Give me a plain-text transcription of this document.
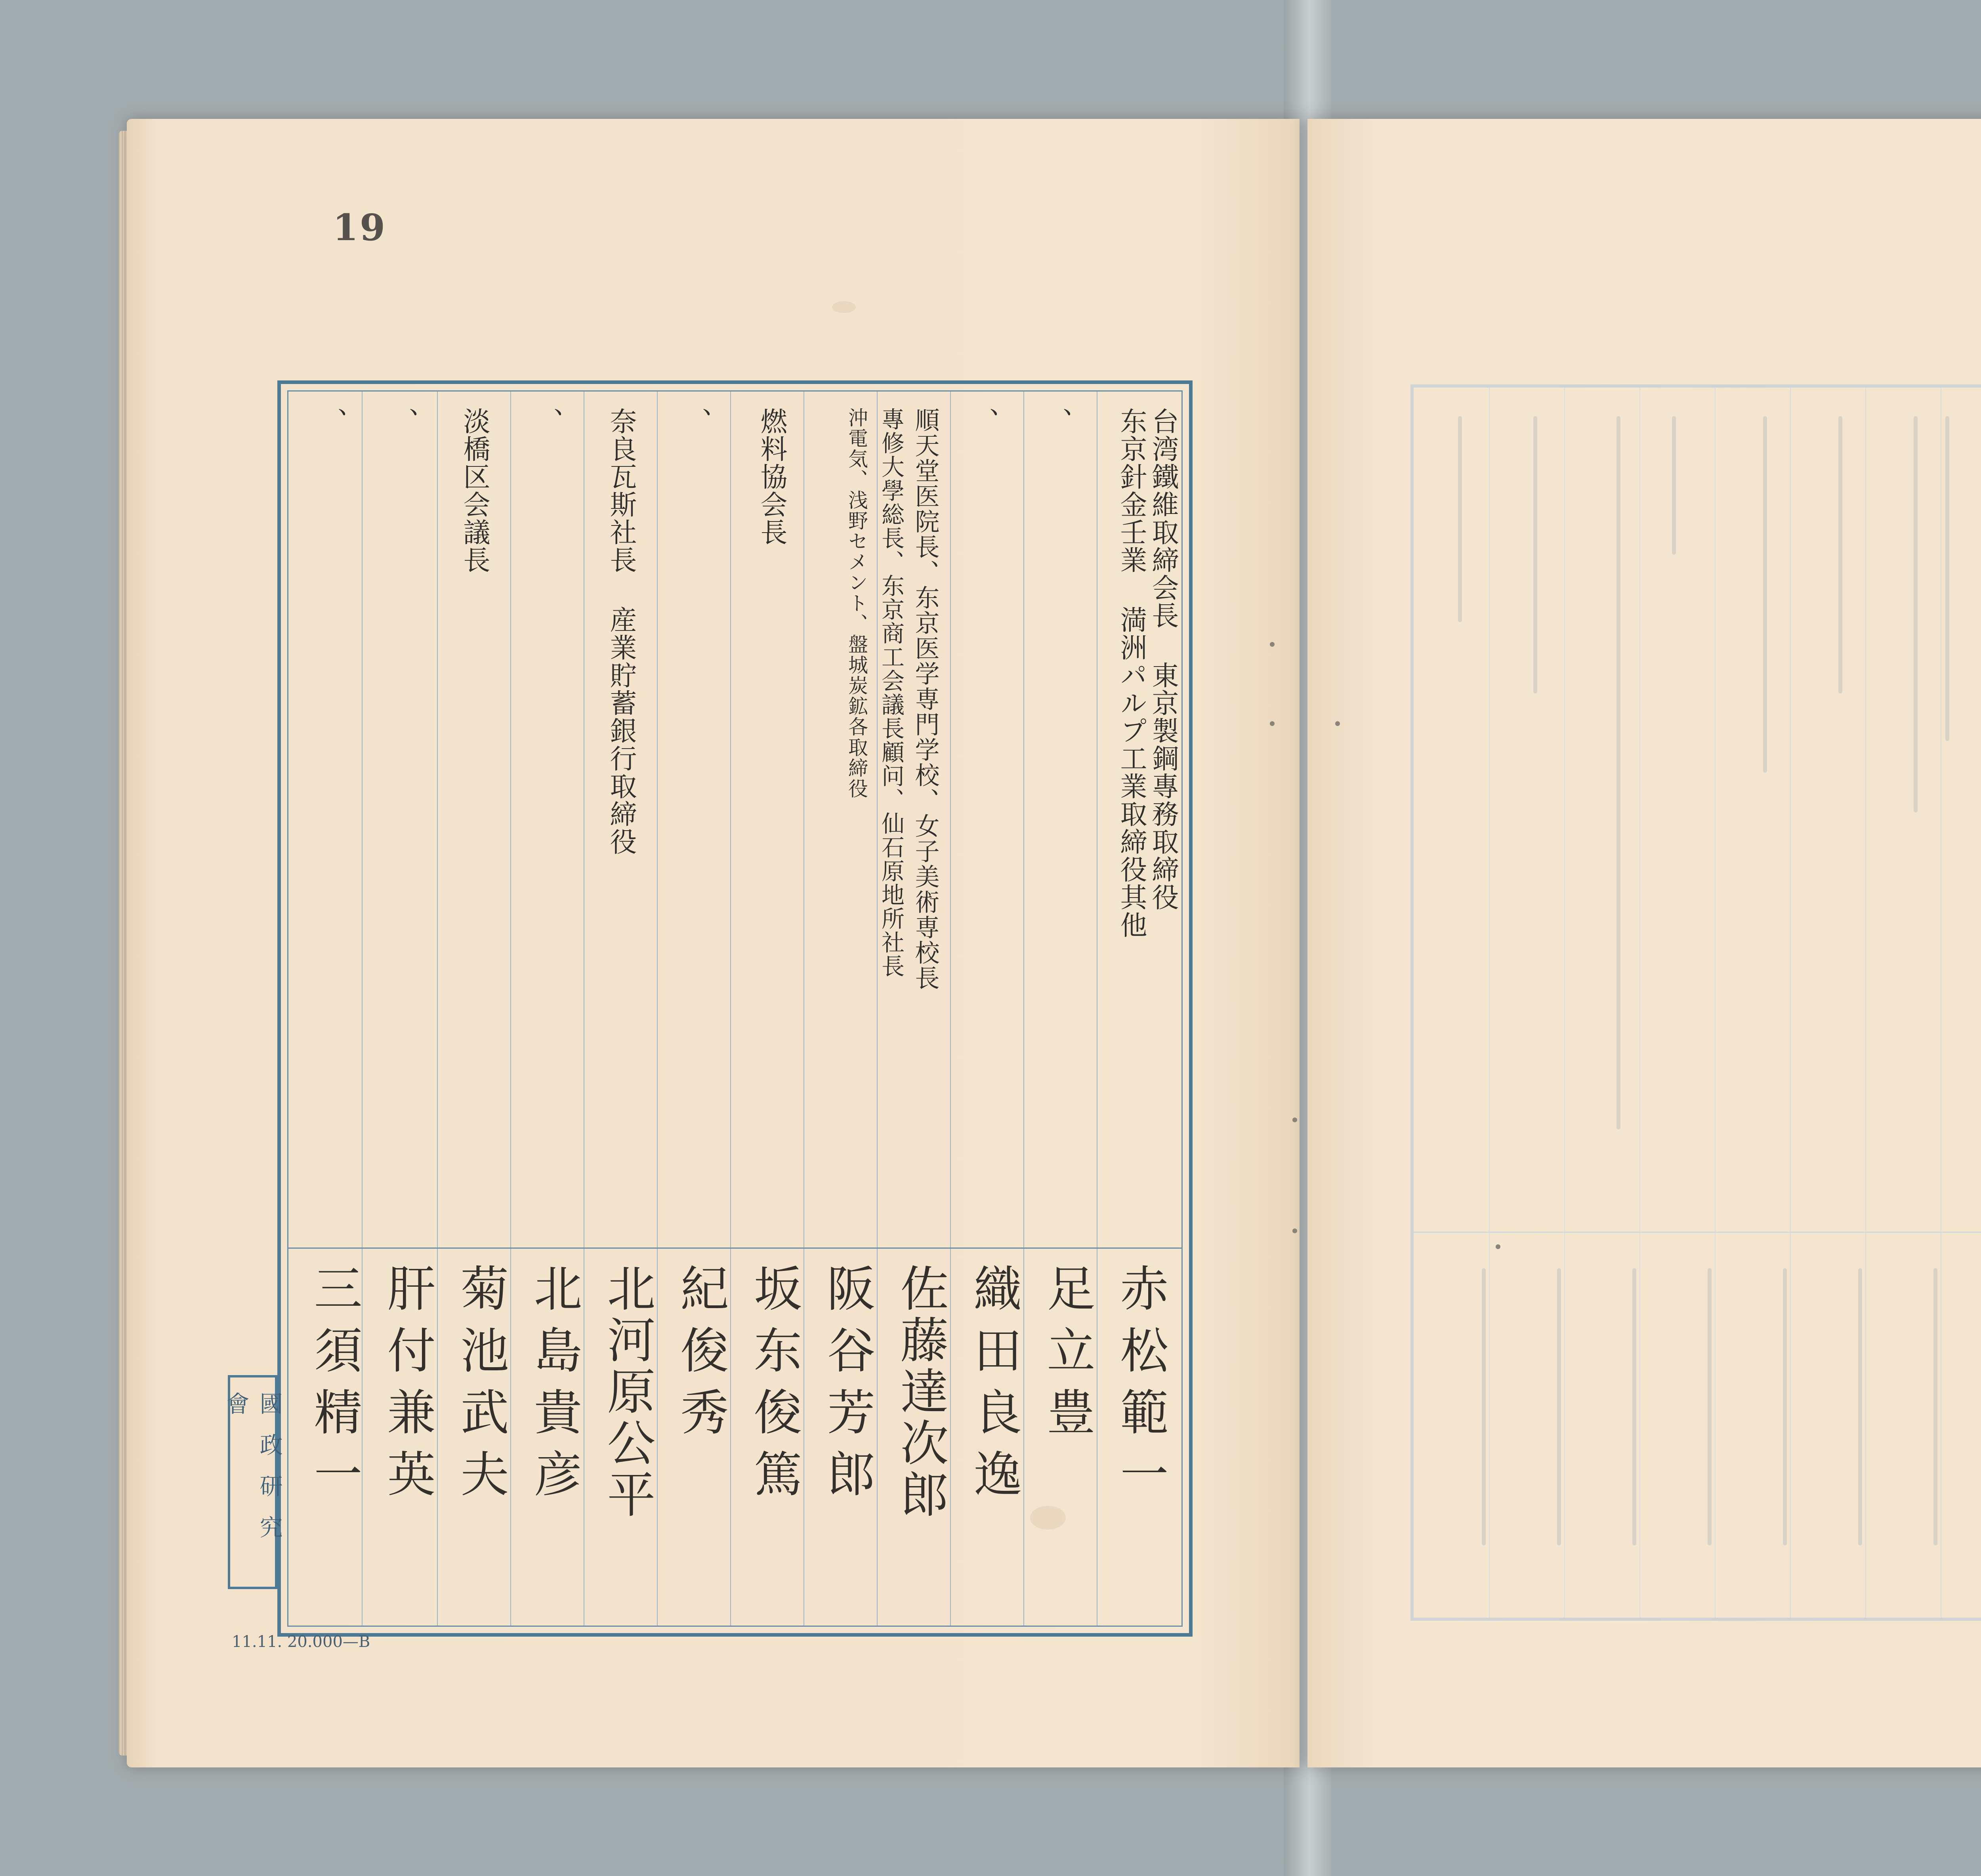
19
台湾鐵維取締会長 東京製鋼專務取締役
东京針金壬業 満洲パルプ工業取締役其他
、
、
順天堂医院長、东京医学専門学校、女子美術専校長
專修大學総長、东京商工会議長顧问、仙石原地所社長
沖電気、浅野セメント、盤城炭鉱各取締役
燃料協会長
、
奈良瓦斯社長 産業貯蓄銀行取締役
、
淡橋区会議長
、
、
赤松範一
足立豊
織田良逸
佐藤達次郎
阪谷芳郎
坂东俊篤
紀俊秀
北河原公平
北島貴彦
菊池武夫
肝付兼英
三須精一
國政研究會
11.11. 20.000—B
